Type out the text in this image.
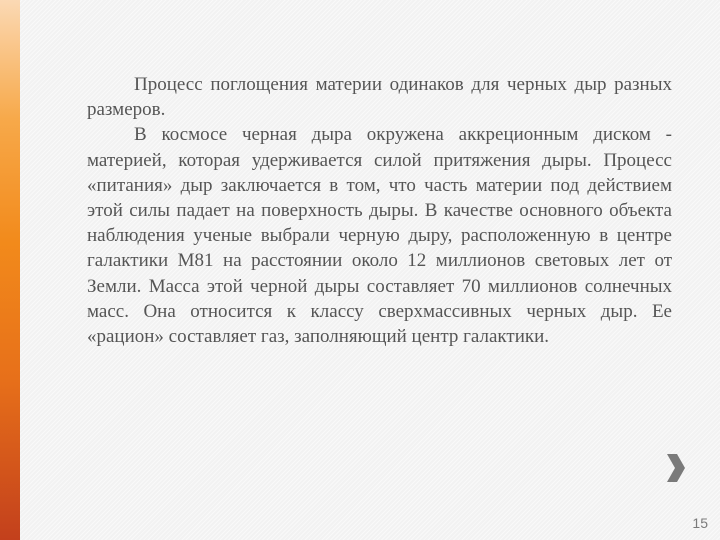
Процесс поглощения материи одинаков для черных дыр разных размеров.

В космосе черная дыра окружена аккреционным диском - материей, которая удерживается силой притяжения дыры. Процесс «питания» дыр заключается в том, что часть материи под действием этой силы падает на поверхность дыры. В качестве основного объекта наблюдения ученые выбрали черную дыру, расположенную в центре галактики М81 на расстоянии около 12 миллионов световых лет от Земли. Масса этой черной дыры составляет 70 миллионов солнечных масс. Она относится к классу сверхмассивных черных дыр. Ее «рацион» составляет газ, заполняющий центр галактики.

15
